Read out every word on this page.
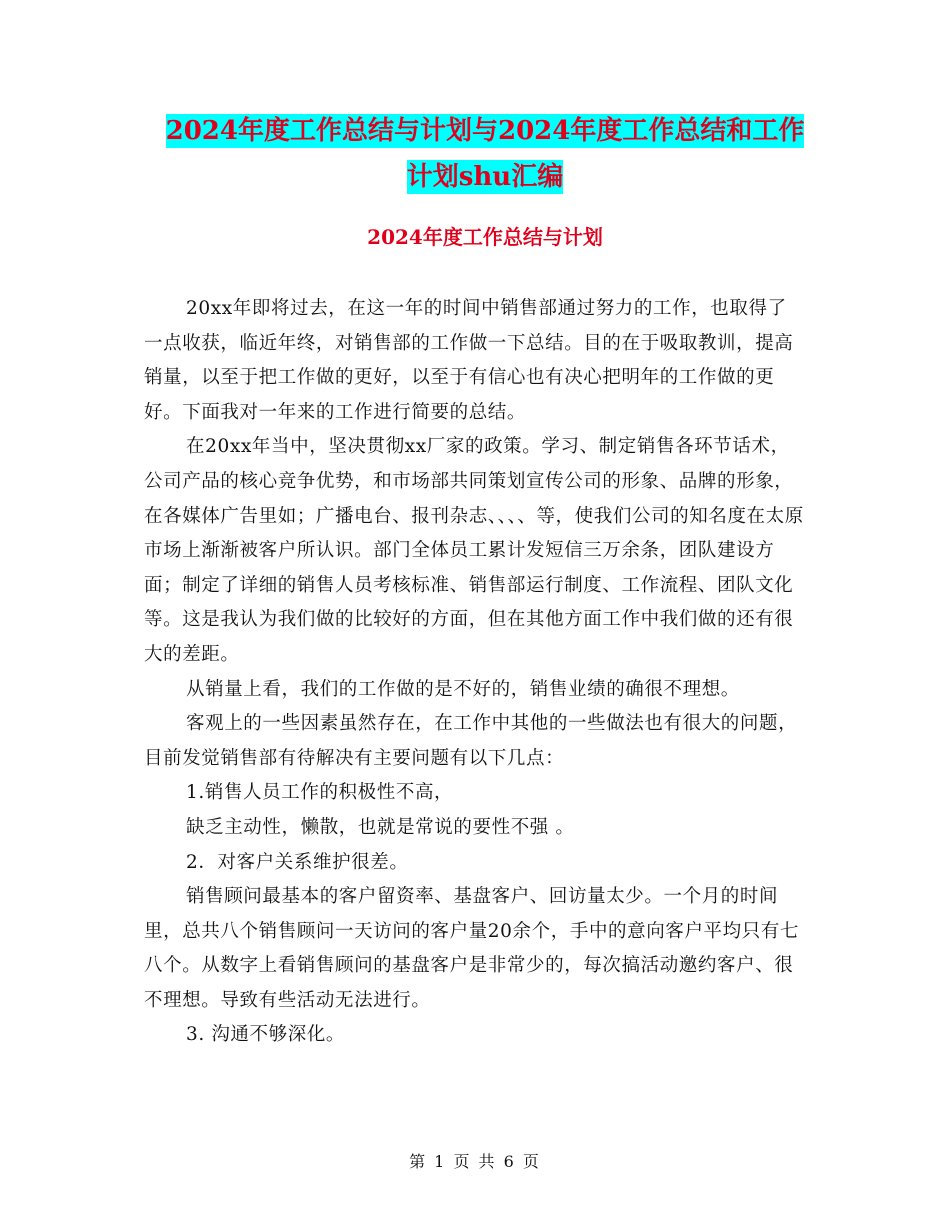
2024年度工作总结与计划与2024年度工作总结和工作
计划shu汇编
2024年度工作总结与计划

20xx年即将过去，在这一年的时间中销售部通过努力的工作，也取得了一点收获，临近年终，对销售部的工作做一下总结。目的在于吸取教训，提高销量，以至于把工作做的更好，以至于有信心也有决心把明年的工作做的更好。下面我对一年来的工作进行简要的总结。

在20xx年当中，坚决贯彻xx厂家的政策。学习、制定销售各环节话术，公司产品的核心竞争优势，和市场部共同策划宣传公司的形象、品牌的形象，在各媒体广告里如；广播电台、报刊杂志、、、、等，使我们公司的知名度在太原市场上渐渐被客户所认识。部门全体员工累计发短信三万余条，团队建设方面；制定了详细的销售人员考核标准、销售部运行制度、工作流程、团队文化等。这是我认为我们做的比较好的方面，但在其他方面工作中我们做的还有很大的差距。

从销量上看，我们的工作做的是不好的，销售业绩的确很不理想。

客观上的一些因素虽然存在，在工作中其他的一些做法也有很大的问题，目前发觉销售部有待解决有主要问题有以下几点：

1.销售人员工作的积极性不高，

缺乏主动性，懒散，也就是常说的要性不强 。

2．对客户关系维护很差。

销售顾问最基本的客户留资率、基盘客户、回访量太少。一个月的时间里，总共八个销售顾问一天访问的客户量20余个，手中的意向客户平均只有七八个。从数字上看销售顾问的基盘客户是非常少的，每次搞活动邀约客户、很不理想。导致有些活动无法进行。

3. 沟通不够深化。

第 1 页 共 6 页
